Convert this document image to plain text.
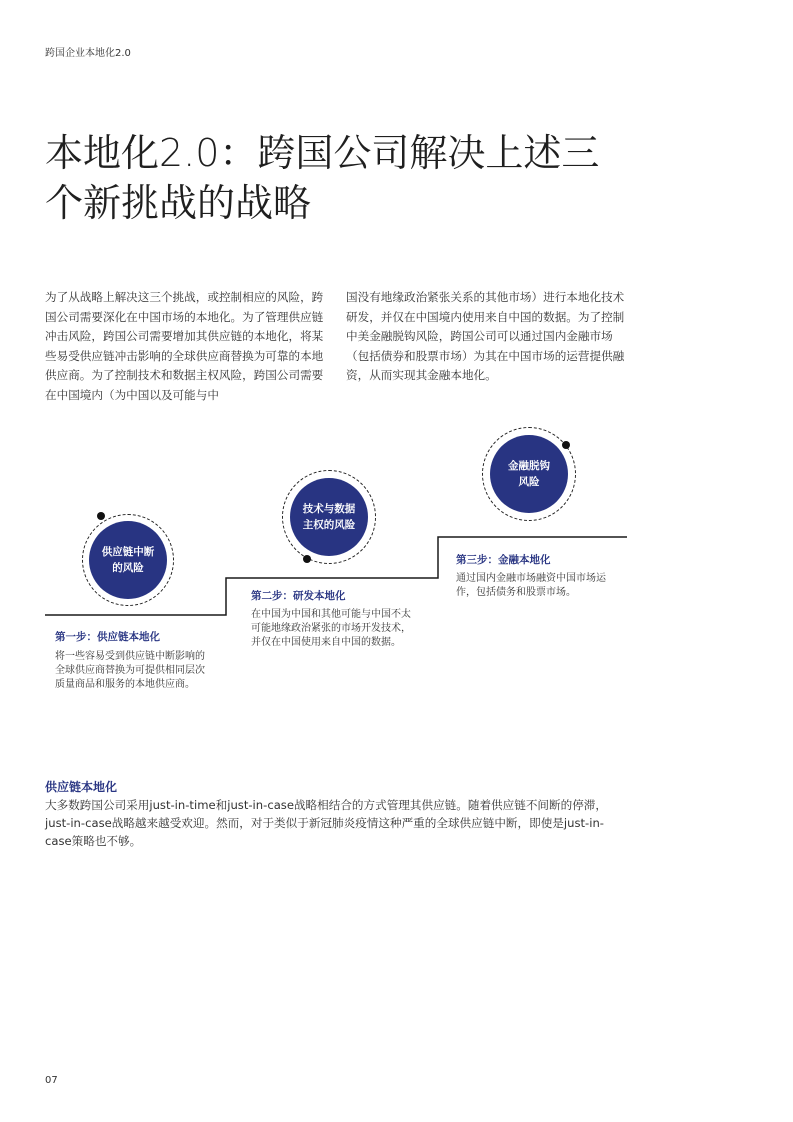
跨国企业本地化2.0
本地化2.0：跨国公司解决上述三
个新挑战的战略
为了从战略上解决这三个挑战，或控制相应的风险，跨国公司需要深化在中国市场的本地化。为了管理供应链冲击风险，跨国公司需要增加其供应链的本地化，将某些易受供应链冲击影响的全球供应商替换为可靠的本地供应商。为了控制技术和数据主权风险，跨国公司需要在中国境内（为中国以及可能与中
国没有地缘政治紧张关系的其他市场）进行本地化技术研发，并仅在中国境内使用来自中国的数据。为了控制中美金融脱钩风险，跨国公司可以通过国内金融市场（包括债券和股票市场）为其在中国市场的运营提供融资，从而实现其金融本地化。
供应链中断
的风险
技术与数据
主权的风险
金融脱钩
风险
第一步：供应链本地化
将一些容易受到供应链中断影响的全球供应商替换为可提供相同层次质量商品和服务的本地供应商。
第二步：研发本地化
在中国为中国和其他可能与中国不太可能地缘政治紧张的市场开发技术，并仅在中国使用来自中国的数据。
第三步：金融本地化
通过国内金融市场融资中国市场运作，包括债务和股票市场。
供应链本地化
大多数跨国公司采用just-in-time和just-in-case战略相结合的方式管理其供应链。随着供应链不间断的停滞，just-in-case战略越来越受欢迎。然而，对于类似于新冠肺炎疫情这种严重的全球供应链中断，即使是just-in-case策略也不够。
07
